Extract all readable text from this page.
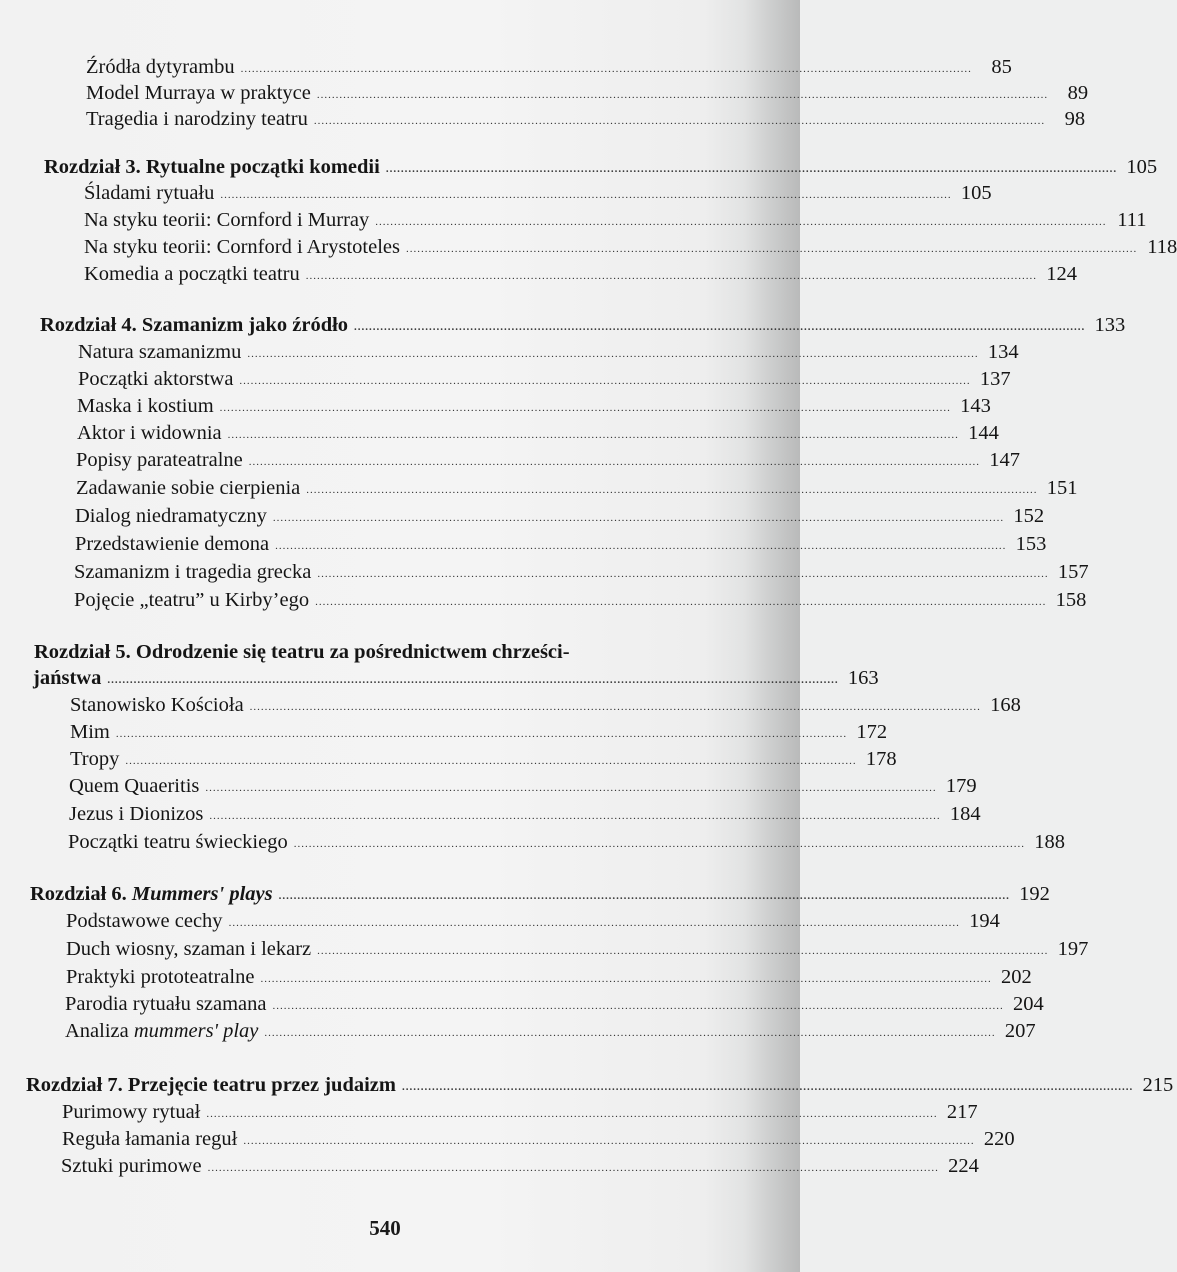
Źródła dytyrambu ................................................................................................................................................................................................... 85
Model Murraya w praktyce ................................................................................................................................................................................................... 89
Tragedia i narodziny teatru ................................................................................................................................................................................................... 98
Rozdział 3. Rytualne początki komedii ................................................................................................................................................................................................... 105
Śladami rytuału ................................................................................................................................................................................................... 105
Na styku teorii: Cornford i Murray ................................................................................................................................................................................................... 111
Na styku teorii: Cornford i Arystoteles ................................................................................................................................................................................................... 118
Komedia a początki teatru ................................................................................................................................................................................................... 124
Rozdział 4. Szamanizm jako źródło ................................................................................................................................................................................................... 133
Natura szamanizmu ................................................................................................................................................................................................... 134
Początki aktorstwa ................................................................................................................................................................................................... 137
Maska i kostium ................................................................................................................................................................................................... 143
Aktor i widownia ................................................................................................................................................................................................... 144
Popisy parateatralne ................................................................................................................................................................................................... 147
Zadawanie sobie cierpienia ................................................................................................................................................................................................... 151
Dialog niedramatyczny ................................................................................................................................................................................................... 152
Przedstawienie demona ................................................................................................................................................................................................... 153
Szamanizm i tragedia grecka ................................................................................................................................................................................................... 157
Pojęcie „teatru” u Kirby’ego ................................................................................................................................................................................................... 158
Rozdział 5. Odrodzenie się teatru za pośrednictwem chrześci-
jaństwa ................................................................................................................................................................................................... 163
Stanowisko Kościoła ................................................................................................................................................................................................... 168
Mim ................................................................................................................................................................................................... 172
Tropy ................................................................................................................................................................................................... 178
Quem Quaeritis ................................................................................................................................................................................................... 179
Jezus i Dionizos ................................................................................................................................................................................................... 184
Początki teatru świeckiego ................................................................................................................................................................................................... 188
Rozdział 6. Mummers' plays ................................................................................................................................................................................................... 192
Podstawowe cechy ................................................................................................................................................................................................... 194
Duch wiosny, szaman i lekarz ................................................................................................................................................................................................... 197
Praktyki prototeatralne ................................................................................................................................................................................................... 202
Parodia rytuału szamana ................................................................................................................................................................................................... 204
Analiza mummers' play ................................................................................................................................................................................................... 207
Rozdział 7. Przejęcie teatru przez judaizm ................................................................................................................................................................................................... 215
Purimowy rytuał ................................................................................................................................................................................................... 217
Reguła łamania reguł ................................................................................................................................................................................................... 220
Sztuki purimowe ................................................................................................................................................................................................... 224
540
